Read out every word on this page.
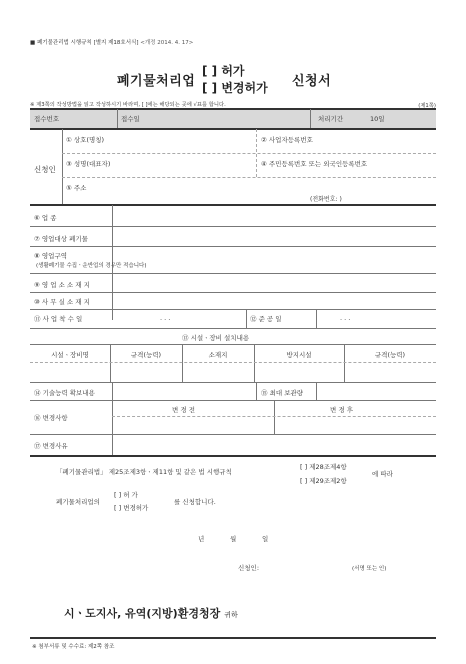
■ 폐기물관리법 시행규칙 [별지 제18호서식] <개정 2014. 4. 17>
폐기물처리업
[ ] 허가
[ ] 변경허가 신청서
※ 제3쪽의 작성방법을 읽고 작성하시기 바라며, [ ]에는 해당되는 곳에 √표를 합니다.	(제1쪽)
접수번호	접수일	처리기간	10일
신청인
① 상호(명칭)	② 사업자등록번호
③ 성명(대표자)	④ 주민등록번호 또는 외국인등록번호
⑤ 주소
(전화번호: )
⑥ 업 종
⑦ 영업대상 폐기물
⑧ 영업구역
(생활폐기물 수집ㆍ운반업의 경우만 적습니다)
⑨ 영 업 소 소 재 지
⑩ 사 무 실 소 재 지
⑪ 사 업 착 수 일	. . .	⑫ 준 공 일	. . .
⑬ 시설ㆍ장비 설치내용
시설ㆍ장비명	규격(능력)	소재지	방지시설	규격(능력)
⑭ 기술능력 확보내용	⑮ 최대 보관량
⑯ 변경사항
변 경 전	변 경 후
⑰ 변경사유
「폐기물관리법」 제25조제3항ㆍ제11항 및 같은 법 시행규칙
[ ] 제28조제4항
[ ] 제29조제2항
에 따라
폐기물처리업의
[ ] 허 가
[ ] 변경허가
를 신청합니다.
년	월	일
신청인:	(서명 또는 인)
시ㆍ도지사, 유역(지방)환경청장 귀하
※ 첨부서류 및 수수료: 제2쪽 참조
